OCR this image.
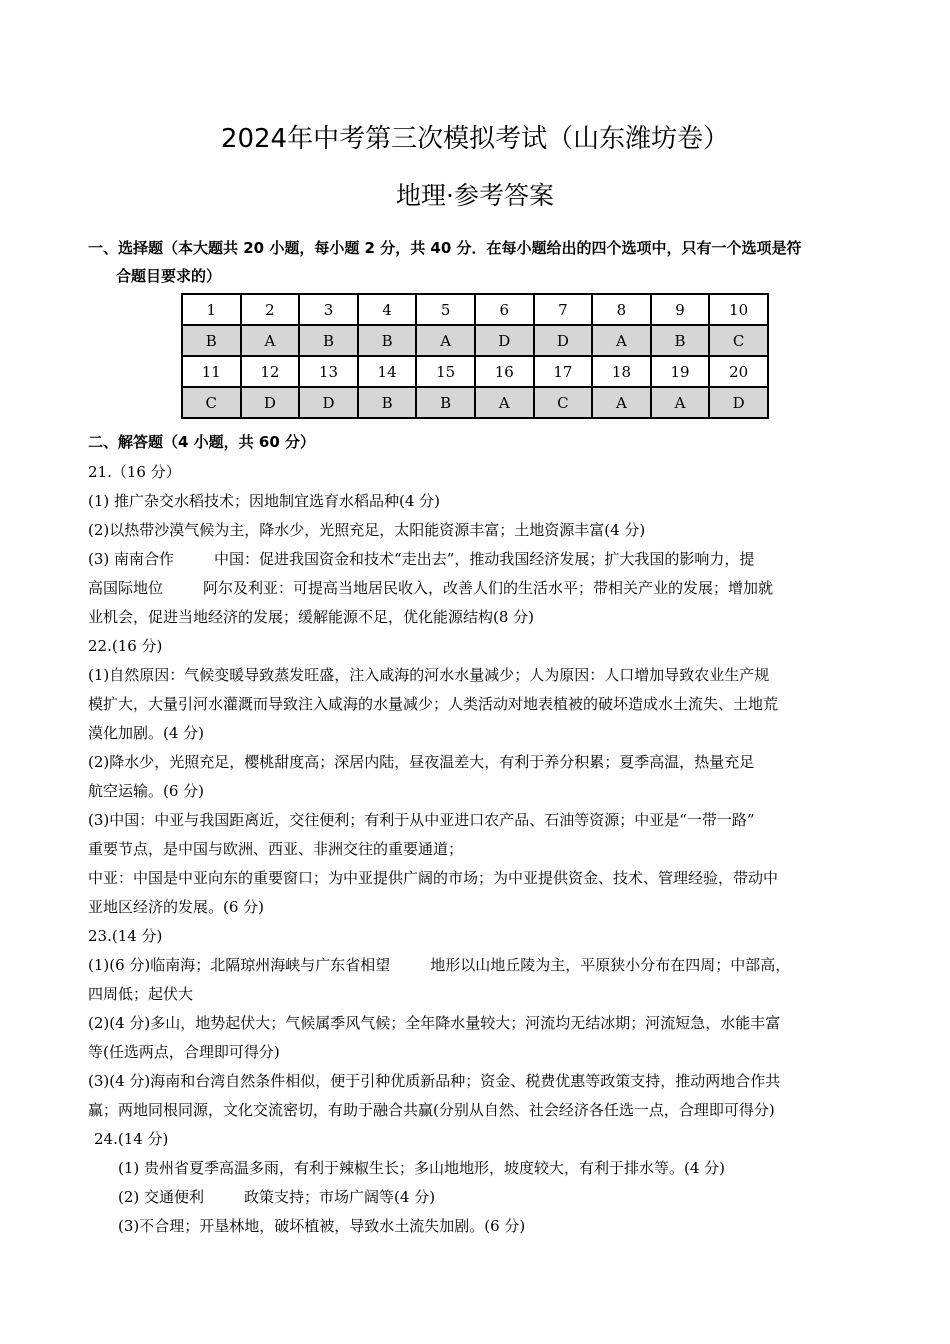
2024年中考第三次模拟考试（山东潍坊卷）
地理·参考答案
一、选择题（本大题共 20 小题，每小题 2 分，共 40 分．在每小题给出的四个选项中，只有一个选项是符
合题目要求的）
1	2	3	4	5	6	7	8	9	10
B	A	B	B	A	D	D	A	B	C
11	12	13	14	15	16	17	18	19	20
C	D	D	B	B	A	C	A	A	D
二、解答题（4 小题，共 60 分）

21.（16 分）

(1) 推广杂交水稻技术；因地制宜选育水稻品种(4 分)

(2)以热带沙漠气候为主，降水少，光照充足，太阳能资源丰富；土地资源丰富(4 分)

(3) 南南合作	中国：促进我国资金和技术“走出去”，推动我国经济发展；扩大我国的影响力，提

高国际地位	阿尔及利亚：可提高当地居民收入，改善人们的生活水平；带相关产业的发展；增加就

业机会，促进当地经济的发展；缓解能源不足，优化能源结构(8 分)

22.(16 分)

(1)自然原因：气候变暖导致蒸发旺盛，注入咸海的河水水量减少；人为原因：人口增加导致农业生产规

模扩大，大量引河水灌溉而导致注入咸海的水量减少；人类活动对地表植被的破坏造成水土流失、土地荒

漠化加剧。(4 分)

(2)降水少，光照充足，樱桃甜度高；深居内陆，昼夜温差大，有利于养分积累；夏季高温，热量充足

航空运输。(6 分)

(3)中国：中亚与我国距离近，交往便利；有利于从中亚进口农产品、石油等资源；中亚是“一带一路”

重要节点，是中国与欧洲、西亚、非洲交往的重要通道；

中亚：中国是中亚向东的重要窗口；为中亚提供广阔的市场；为中亚提供资金、技术、管理经验，带动中

亚地区经济的发展。(6 分)

23.(14 分)

(1)(6 分)临南海；北隔琼州海峡与广东省相望	地形以山地丘陵为主，平原狭小分布在四周；中部高，

四周低；起伏大

(2)(4 分)多山，地势起伏大；气候属季风气候；全年降水量较大；河流均无结冰期；河流短急，水能丰富

等(任选两点，合理即可得分)

(3)(4 分)海南和台湾自然条件相似，便于引种优质新品种；资金、税费优惠等政策支持，推动两地合作共

赢；两地同根同源，文化交流密切，有助于融合共赢(分别从自然、社会经济各任选一点，合理即可得分)

24.(14 分)

(1) 贵州省夏季高温多雨，有利于辣椒生长；多山地地形，坡度较大，有利于排水等。(4 分)

(2) 交通便利	政策支持；市场广阔等(4 分)

(3)不合理；开垦林地，破坏植被，导致水土流失加剧。(6 分)
